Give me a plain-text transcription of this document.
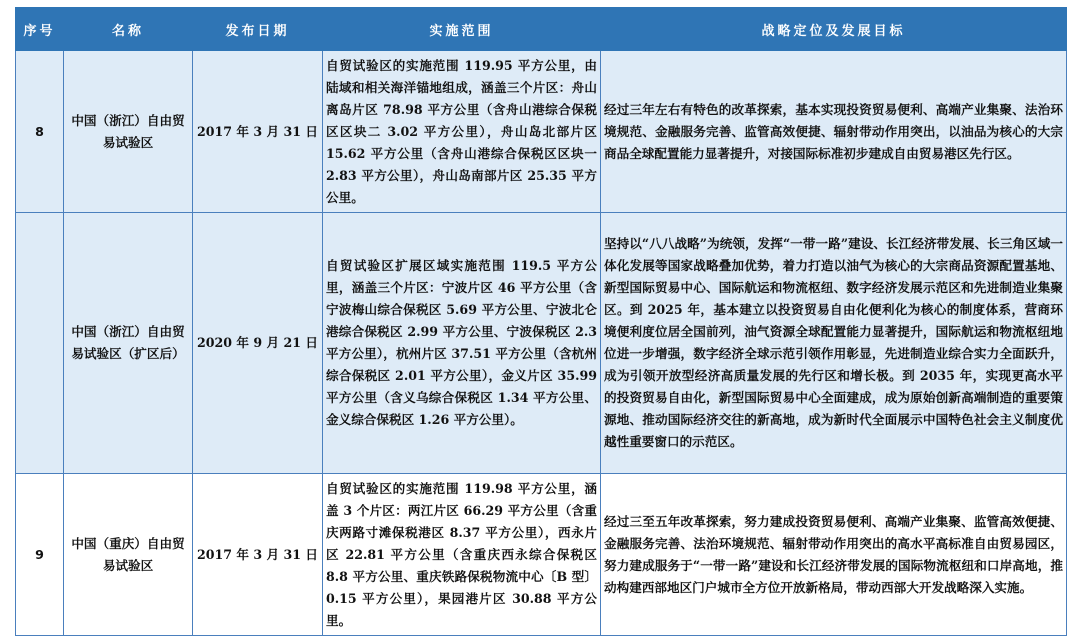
序号	名称	发布日期	实施范围	战略定位及发展目标
8	中国（浙江）自由贸易试验区	2017 年 3 月 31 日	自贸试验区的实施范围 119.95 平方公里，由陆域和相关海洋锚地组成，涵盖三个片区：舟山离岛片区 78.98 平方公里（含舟山港综合保税区区块二 3.02 平方公里），舟山岛北部片区 15.62 平方公里（含舟山港综合保税区区块一 2.83 平方公里），舟山岛南部片区 25.35 平方公里。	经过三年左右有特色的改革探索，基本实现投资贸易便利、高端产业集聚、法治环境规范、金融服务完善、监管高效便捷、辐射带动作用突出，以油品为核心的大宗商品全球配置能力显著提升，对接国际标准初步建成自由贸易港区先行区。
	中国（浙江）自由贸易试验区（扩区后）	2020 年 9 月 21 日	自贸试验区扩展区域实施范围 119.5 平方公里，涵盖三个片区：宁波片区 46 平方公里（含宁波梅山综合保税区 5.69 平方公里、宁波北仑港综合保税区 2.99 平方公里、宁波保税区 2.3 平方公里），杭州片区 37.51 平方公里（含杭州综合保税区 2.01 平方公里），金义片区 35.99 平方公里（含义乌综合保税区 1.34 平方公里、金义综合保税区 1.26 平方公里）。	坚持以“八八战略”为统领，发挥“一带一路”建设、长江经济带发展、长三角区域一体化发展等国家战略叠加优势，着力打造以油气为核心的大宗商品资源配置基地、新型国际贸易中心、国际航运和物流枢纽、数字经济发展示范区和先进制造业集聚区。到 2025 年，基本建立以投资贸易自由化便利化为核心的制度体系，营商环境便利度位居全国前列，油气资源全球配置能力显著提升，国际航运和物流枢纽地位进一步增强，数字经济全球示范引领作用彰显，先进制造业综合实力全面跃升，成为引领开放型经济高质量发展的先行区和增长极。到 2035 年，实现更高水平的投资贸易自由化，新型国际贸易中心全面建成，成为原始创新高端制造的重要策源地、推动国际经济交往的新高地，成为新时代全面展示中国特色社会主义制度优越性重要窗口的示范区。
9	中国（重庆）自由贸易试验区	2017 年 3 月 31 日	自贸试验区的实施范围 119.98 平方公里，涵盖 3 个片区：两江片区 66.29 平方公里（含重庆两路寸滩保税港区 8.37 平方公里），西永片区 22.81 平方公里（含重庆西永综合保税区 8.8 平方公里、重庆铁路保税物流中心〔B 型〕0.15 平方公里），果园港片区 30.88 平方公里。	经过三至五年改革探索，努力建成投资贸易便利、高端产业集聚、监管高效便捷、金融服务完善、法治环境规范、辐射带动作用突出的高水平高标准自由贸易园区，努力建成服务于“一带一路”建设和长江经济带发展的国际物流枢纽和口岸高地，推动构建西部地区门户城市全方位开放新格局，带动西部大开发战略深入实施。
